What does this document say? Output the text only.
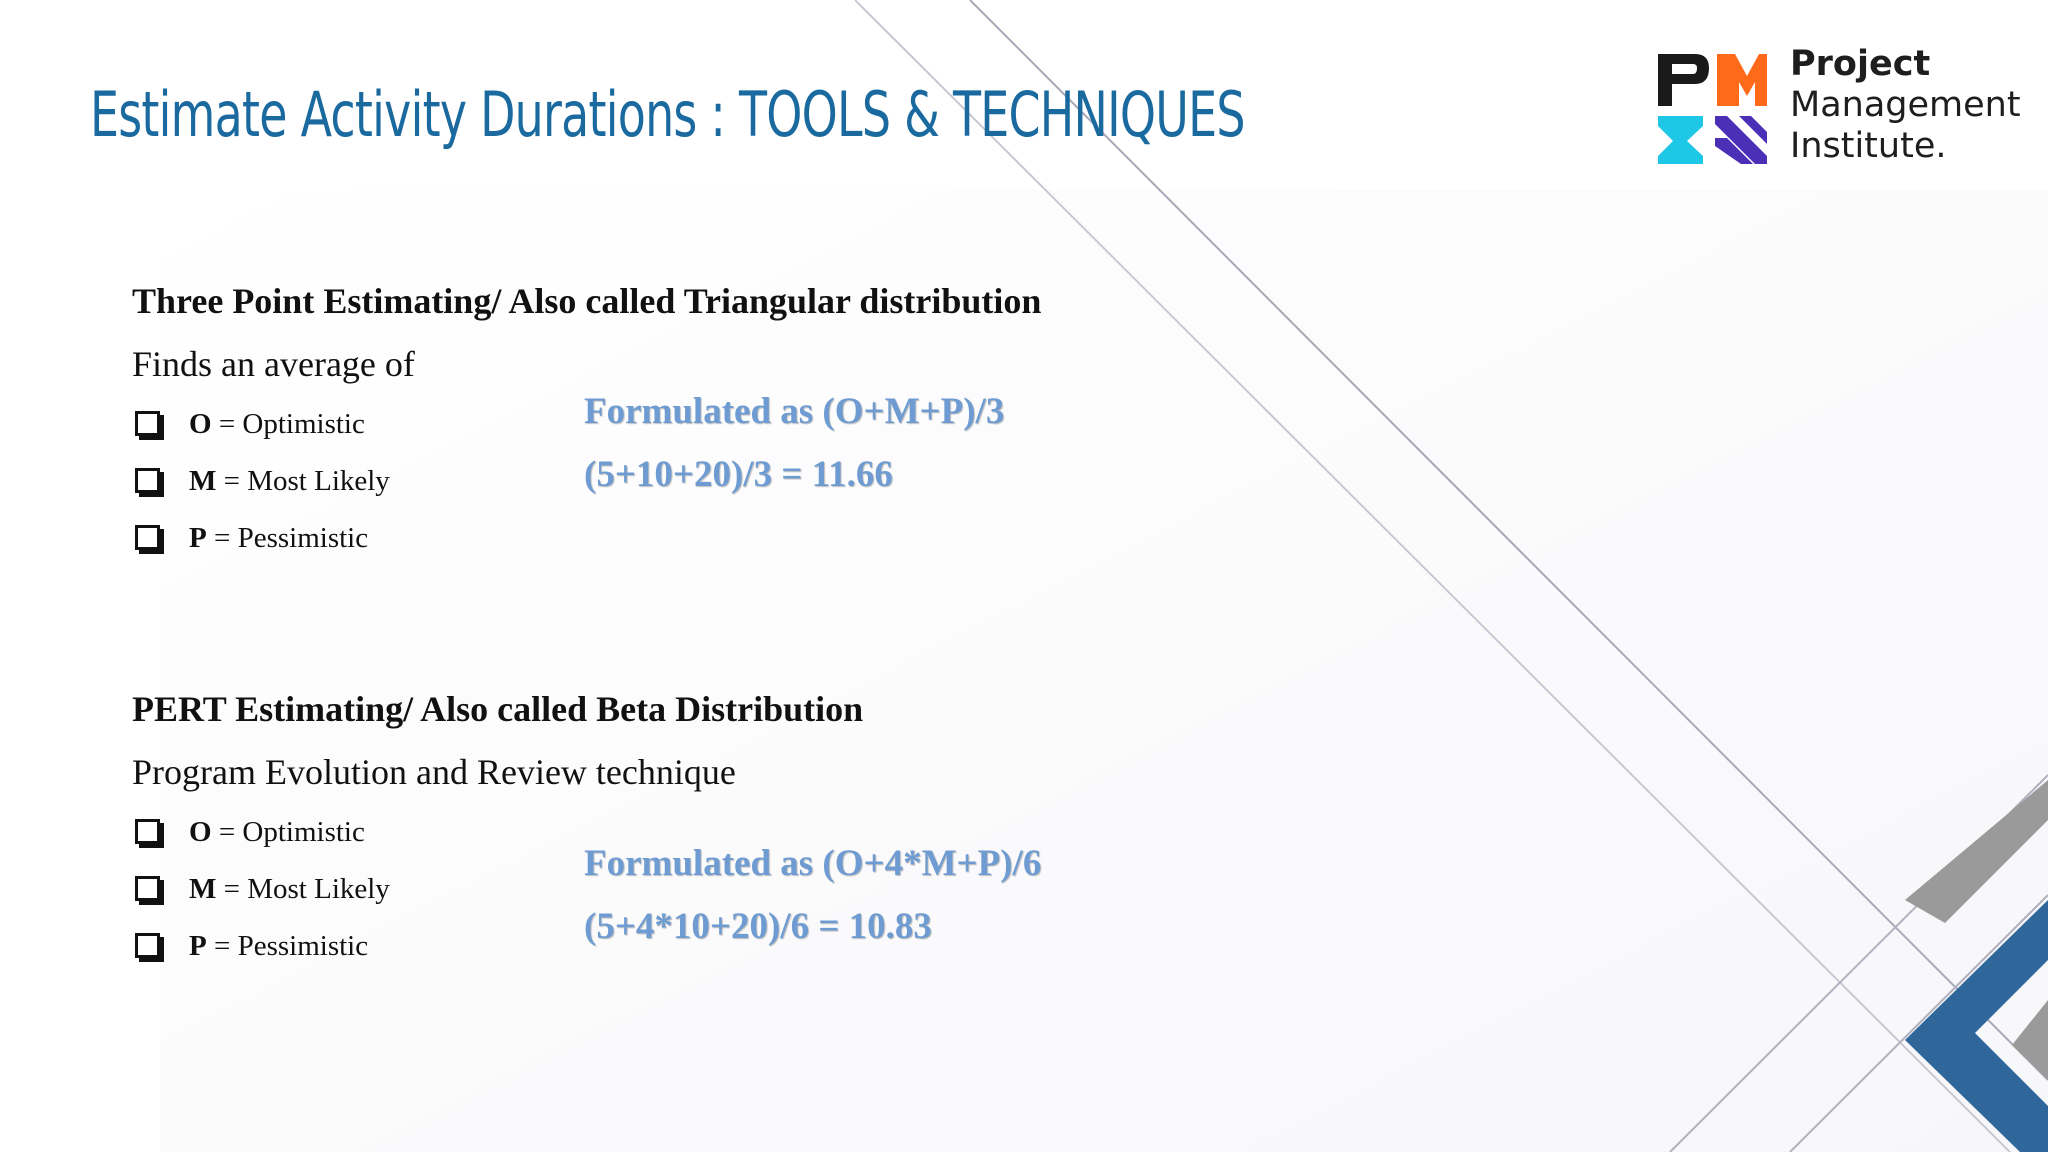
Estimate Activity Durations : TOOLS & TECHNIQUES
Project
Management
Institute.
Three Point Estimating/ Also called Triangular distribution
Finds an average of
O = Optimistic
M = Most Likely
P = Pessimistic
Formulated as (O+M+P)/3
(5+10+20)/3 = 11.66
PERT Estimating/ Also called Beta Distribution
Program Evolution and Review technique
O = Optimistic
M = Most Likely
P = Pessimistic
Formulated as (O+4*M+P)/6
(5+4*10+20)/6 = 10.83
